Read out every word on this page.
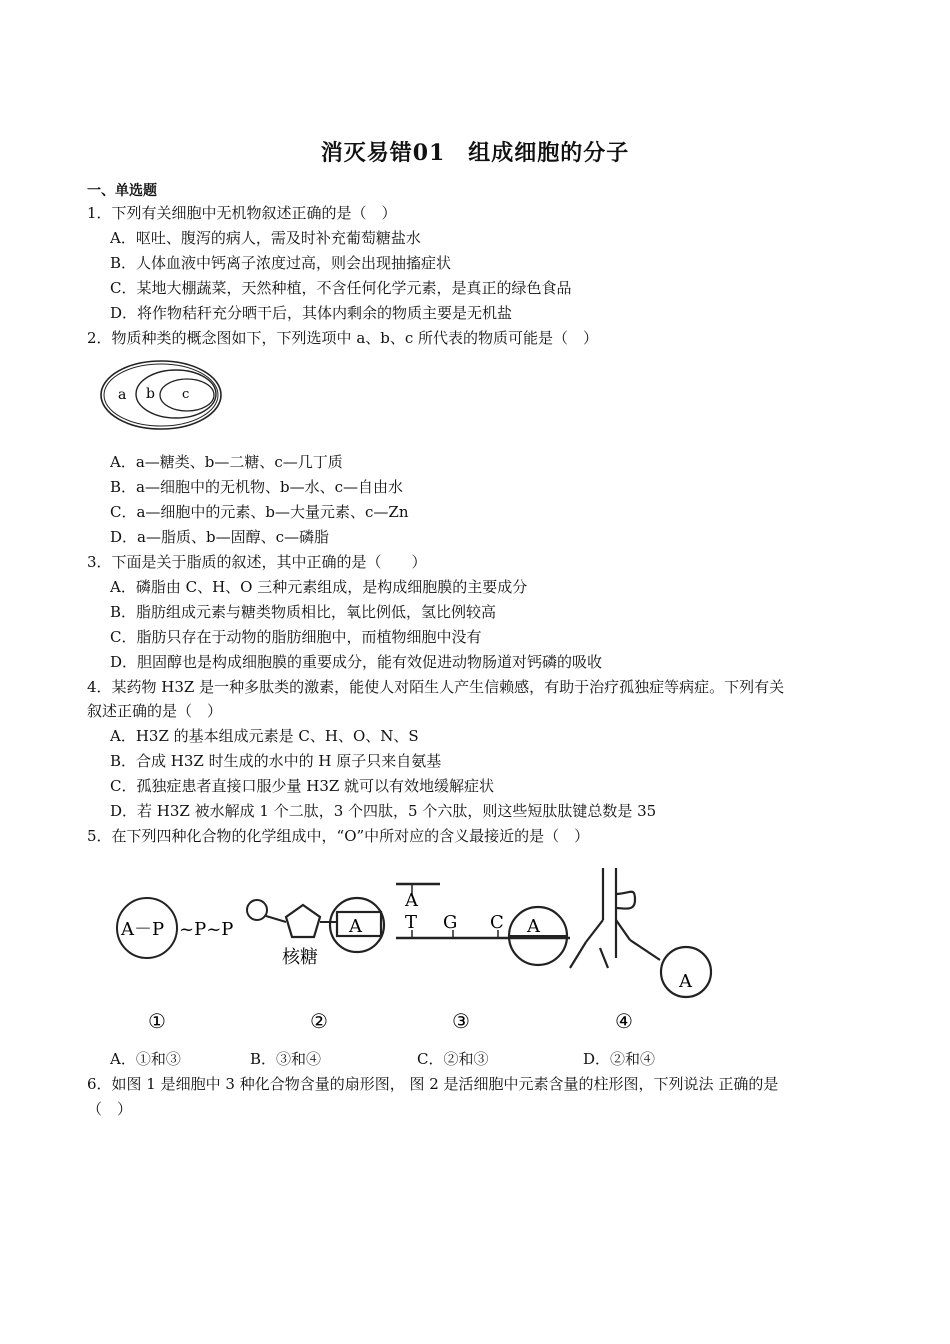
消灭易错01　组成细胞的分子
一、单选题
1．下列有关细胞中无机物叙述正确的是（　）
A．呕吐、腹泻的病人，需及时补充葡萄糖盐水
B．人体血液中钙离子浓度过高，则会出现抽搐症状
C．某地大棚蔬菜，天然种植，不含任何化学元素，是真正的绿色食品
D．将作物秸秆充分晒干后，其体内剩余的物质主要是无机盐
2．物质种类的概念图如下，下列选项中 a、b、c 所代表的物质可能是（　）
a b c
A．a—糖类、b—二糖、c—几丁质
B．a—细胞中的无机物、b—水、c—自由水
C．a—细胞中的元素、b—大量元素、c—Zn
D．a—脂质、b—固醇、c—磷脂
3．下面是关于脂质的叙述，其中正确的是（　　）
A．磷脂由 C、H、O 三种元素组成，是构成细胞膜的主要成分
B．脂肪组成元素与糖类物质相比，氧比例低，氢比例较高
C．脂肪只存在于动物的脂肪细胞中，而植物细胞中没有
D．胆固醇也是构成细胞膜的重要成分，能有效促进动物肠道对钙磷的吸收
4．某药物 H3Z 是一种多肽类的激素，能使人对陌生人产生信赖感，有助于治疗孤独症等病症。下列有关
叙述正确的是（　）
A．H3Z 的基本组成元素是 C、H、O、N、S
B．合成 H3Z 时生成的水中的 H 原子只来自氨基
C．孤独症患者直接口服少量 H3Z 就可以有效地缓解症状
D．若 H3Z 被水解成 1 个二肽，3 个四肽，5 个六肽，则这些短肽肽键总数是 35
5．在下列四种化合物的化学组成中，“O”中所对应的含义最接近的是（　）
A－P ~P~P	A
核糖
A
T G C A
A
①	②	③	④
A．①和③	B．③和④	C．②和③	D．②和④
6．如图 1 是细胞中 3 种化合物含量的扇形图， 图 2 是活细胞中元素含量的柱形图，下列说法 正确的是
（　）
